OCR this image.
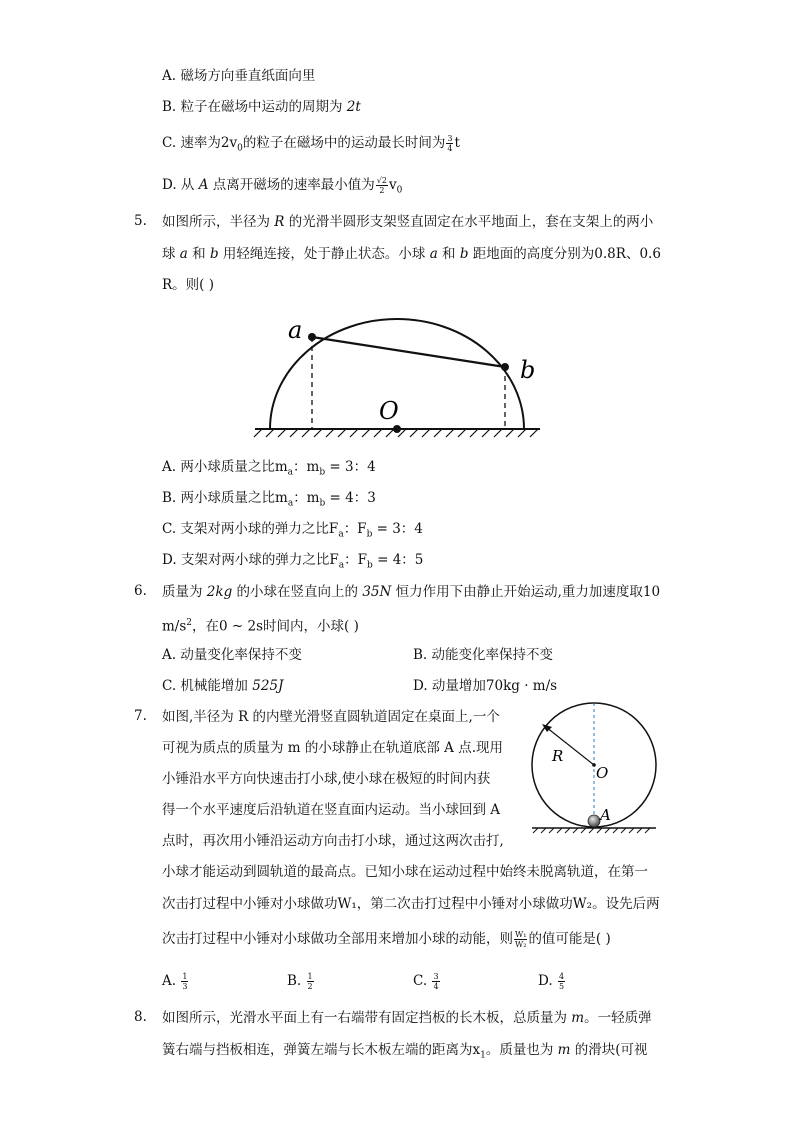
A. 磁场方向垂直纸面向里
B. 粒子在磁场中运动的周期为 2t
C. 速率为$2v_0$的粒子在磁场中的运动最长时间为 $\frac{3}{4}$ t
D. 从 A 点离开磁场的速率最小值为 $\frac{√2}{2} v_0$
5. 如图所示，半径为 R 的光滑半圆形支架竖直固定在水平地面上，套在支架上的两小
球 a 和 b 用轻绳连接，处于静止状态。小球 a 和 b 距地面的高度分别为0.8R、0.6
R。则( )
a
b
O
A. 两小球质量之比$m_a$：$m_b = 3$：4
B. 两小球质量之比$m_a$：$m_b = 4$：3
C. 支架对两小球的弹力之比$F_a$：$F_b = 3$：4
D. 支架对两小球的弹力之比$F_a$：$F_b = 4$：5
6. 质量为 2kg 的小球在竖直向上的 35N 恒力作用下由静止开始运动,重力加速度取10
$m/s^2$，在0 ~ 2s时间内，小球( )
A. 动量变化率保持不变	B. 动能变化率保持不变
C. 机械能增加 525J	D. 动量增加70kg · m/s
7. 如图,半径为 R 的内壁光滑竖直圆轨道固定在桌面上,一个
可视为质点的质量为 m 的小球静止在轨道底部 A 点.现用
小锤沿水平方向快速击打小球,使小球在极短的时间内获
得一个水平速度后沿轨道在竖直面内运动。当小球回到 A
点时，再次用小锤沿运动方向击打小球，通过这两次击打,
小球才能运动到圆轨道的最高点。已知小球在运动过程中始终未脱离轨道，在第一
次击打过程中小锤对小球做功W₁，第二次击打过程中小锤对小球做功W₂。设先后两
次击打过程中小锤对小球做功全部用来增加小球的动能，则 $\frac{\text{W₁}}{\text{W₂}}$ 的值可能是( )
R
O
A
A. $\frac{1}{3}$	B. $\frac{1}{2}$	C. $\frac{3}{4}$	D. $\frac{4}{5}$
8. 如图所示，光滑水平面上有一右端带有固定挡板的长木板，总质量为 m。一轻质弹
簧右端与挡板相连，弹簧左端与长木板左端的距离为$x_1$。质量也为 m 的滑块(可视
